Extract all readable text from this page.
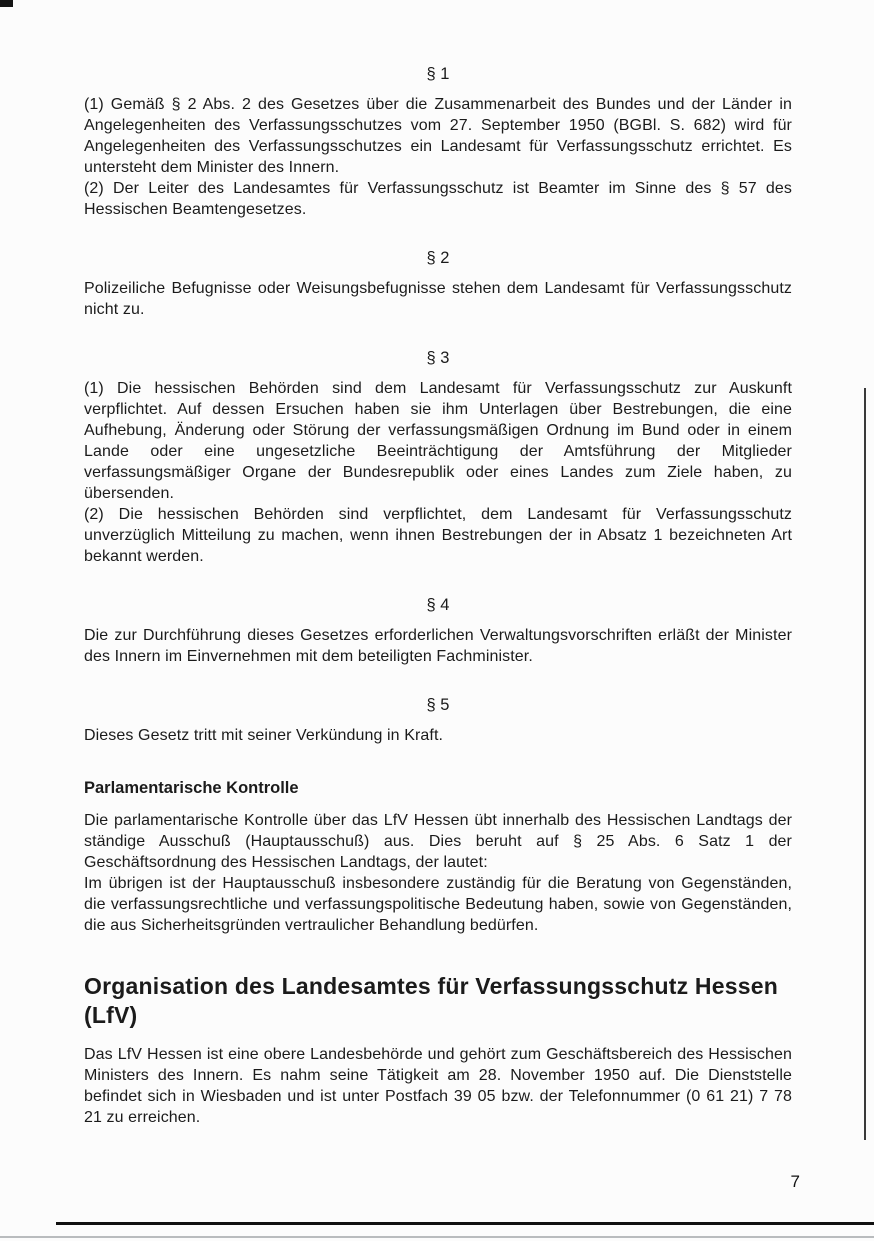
§ 1

(1) Gemäß § 2 Abs. 2 des Gesetzes über die Zusammenarbeit des Bundes und der Länder in Angelegenheiten des Verfassungsschutzes vom 27. September 1950 (BGBl. S. 682) wird für Angelegenheiten des Verfassungsschutzes ein Landesamt für Verfassungsschutz errichtet. Es untersteht dem Minister des Innern.

(2) Der Leiter des Landesamtes für Verfassungsschutz ist Beamter im Sinne des § 57 des Hessischen Beamtengesetzes.

§ 2

Polizeiliche Befugnisse oder Weisungsbefugnisse stehen dem Landesamt für Verfassungsschutz nicht zu.

§ 3

(1) Die hessischen Behörden sind dem Landesamt für Verfassungsschutz zur Auskunft verpflichtet. Auf dessen Ersuchen haben sie ihm Unterlagen über Bestrebungen, die eine Aufhebung, Änderung oder Störung der verfassungsmäßigen Ordnung im Bund oder in einem Lande oder eine ungesetzliche Beeinträchtigung der Amtsführung der Mitglieder verfassungsmäßiger Organe der Bundesrepublik oder eines Landes zum Ziele haben, zu übersenden.

(2) Die hessischen Behörden sind verpflichtet, dem Landesamt für Verfassungsschutz unverzüglich Mitteilung zu machen, wenn ihnen Bestrebungen der in Absatz 1 bezeichneten Art bekannt werden.

§ 4

Die zur Durchführung dieses Gesetzes erforderlichen Verwaltungsvorschriften erläßt der Minister des Innern im Einvernehmen mit dem beteiligten Fachminister.

§ 5

Dieses Gesetz tritt mit seiner Verkündung in Kraft.

Parlamentarische Kontrolle

Die parlamentarische Kontrolle über das LfV Hessen übt innerhalb des Hessischen Landtags der ständige Ausschuß (Hauptausschuß) aus. Dies beruht auf § 25 Abs. 6 Satz 1 der Geschäftsordnung des Hessischen Landtags, der lautet:

Im übrigen ist der Hauptausschuß insbesondere zuständig für die Beratung von Gegenständen, die verfassungsrechtliche und verfassungspolitische Bedeutung haben, sowie von Gegenständen, die aus Sicherheitsgründen vertraulicher Behandlung bedürfen.

Organisation des Landesamtes für Verfassungsschutz Hessen (LfV)

Das LfV Hessen ist eine obere Landesbehörde und gehört zum Geschäftsbereich des Hessischen Ministers des Innern. Es nahm seine Tätigkeit am 28. November 1950 auf. Die Dienststelle befindet sich in Wiesbaden und ist unter Postfach 39 05 bzw. der Telefonnummer (0 61 21) 7 78 21 zu erreichen.

7
